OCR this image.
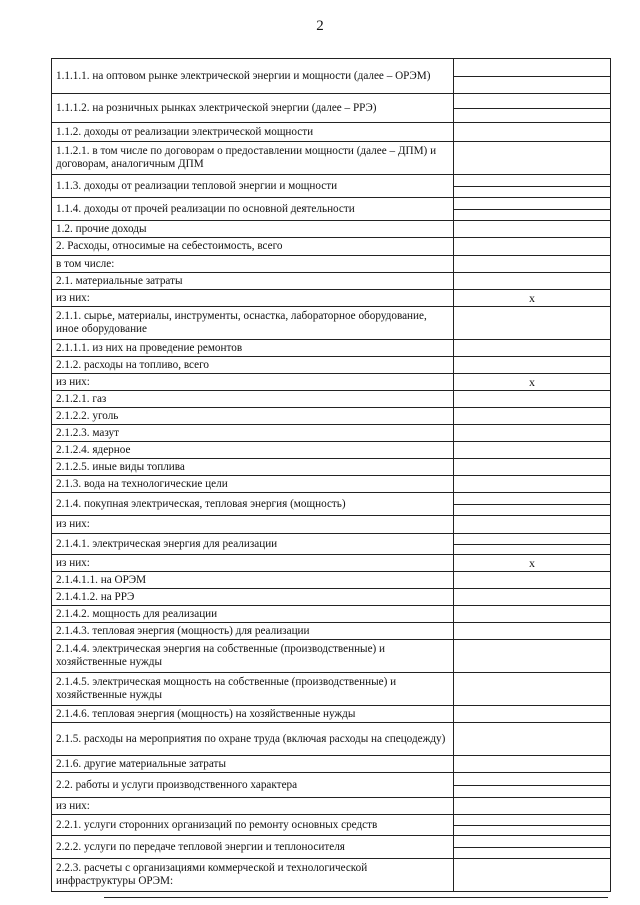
2
1.1.1.1. на оптовом рынке электрической энергии и мощности (далее – ОРЭМ)	

1.1.1.2. на розничных рынках электрической энергии (далее – РРЭ)	

1.1.2. доходы от реализации электрической мощности	

1.1.2.1. в том числе по договорам о предоставлении мощности (далее – ДПМ) и договорам, аналогичным ДПМ	

1.1.3. доходы от реализации тепловой энергии и мощности	

1.1.4. доходы от прочей реализации по основной деятельности	

1.2. прочие доходы	

2. Расходы, относимые на себестоимость, всего	

в том числе:	

2.1. материальные затраты	

из них:	x

2.1.1. сырье, материалы, инструменты, оснастка, лабораторное оборудование, иное оборудование	

2.1.1.1. из них на проведение ремонтов	

2.1.2. расходы на топливо, всего	

из них:	x

2.1.2.1. газ	

2.1.2.2. уголь	

2.1.2.3. мазут	

2.1.2.4. ядерное	

2.1.2.5. иные виды топлива	

2.1.3. вода на технологические цели	

2.1.4. покупная электрическая, тепловая энергия (мощность)	

из них:	

2.1.4.1. электрическая энергия для реализации	

из них:	x

2.1.4.1.1. на ОРЭМ	

2.1.4.1.2. на РРЭ	

2.1.4.2. мощность для реализации	

2.1.4.3. тепловая энергия (мощность) для реализации	

2.1.4.4. электрическая энергия на собственные (производственные) и хозяйственные нужды	

2.1.4.5. электрическая мощность на собственные (производственные) и хозяйственные нужды	

2.1.4.6. тепловая энергия (мощность) на хозяйственные нужды	

2.1.5. расходы на мероприятия по охране труда (включая расходы на спецодежду)	

2.1.6. другие материальные затраты	

2.2. работы и услуги производственного характера	

из них:	

2.2.1. услуги сторонних организаций по ремонту основных средств	

2.2.2. услуги по передаче тепловой энергии и теплоносителя	

2.2.3. расчеты с организациями коммерческой и технологической инфраструктуры ОРЭМ:	
